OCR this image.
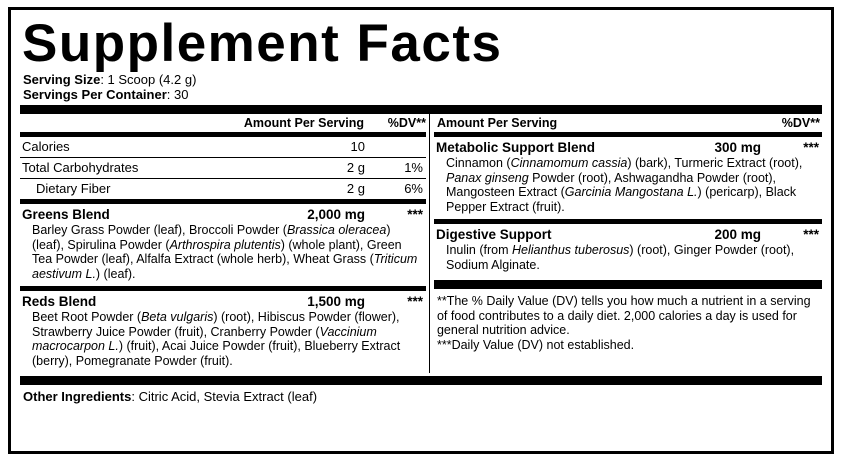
Supplement Facts
Serving Size: 1 Scoop (4.2 g)
Servings Per Container: 30
Amount Per Serving	%DV**
Calories	10
Total Carbohydrates	2 g	1%
Dietary Fiber	2 g	6%
Greens Blend	2,000 mg	***
Barley Grass Powder (leaf), Broccoli Powder (Brassica oleracea) (leaf), Spirulina Powder (Arthrospira plutentis) (whole plant), Green Tea Powder (leaf), Alfalfa Extract (whole herb), Wheat Grass (Triticum aestivum L.) (leaf).
Reds Blend	1,500 mg	***
Beet Root Powder (Beta vulgaris) (root), Hibiscus Powder (flower), Strawberry Juice Powder (fruit), Cranberry Powder (Vaccinium macrocarpon L.) (fruit), Acai Juice Powder (fruit), Blueberry Extract (berry), Pomegranate Powder (fruit).
Amount Per Serving	%DV**
Metabolic Support Blend	300 mg	***
Cinnamon (Cinnamomum cassia) (bark), Turmeric Extract (root), Panax ginseng Powder (root), Ashwagandha Powder (root), Mangosteen Extract (Garcinia Mangostana L.) (pericarp), Black Pepper Extract (fruit).
Digestive Support	200 mg	***
Inulin (from Helianthus tuberosus) (root), Ginger Powder (root), Sodium Alginate.

**The % Daily Value (DV) tells you how much a nutrient in a serving of food contributes to a daily diet. 2,000 calories a day is used for general nutrition advice.

***Daily Value (DV) not established.

Other Ingredients: Citric Acid, Stevia Extract (leaf)
